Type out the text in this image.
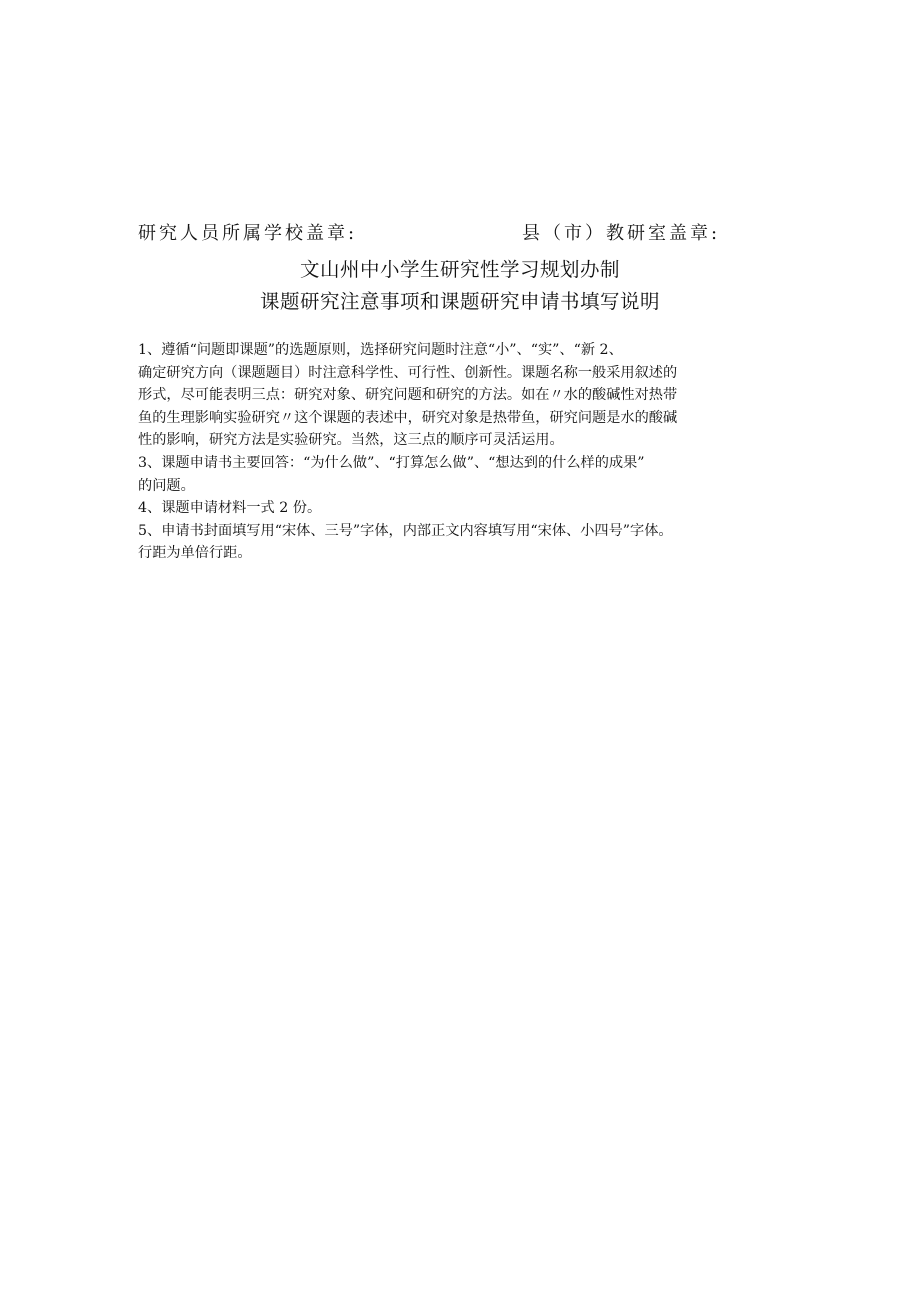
研究人员所属学校盖章:	县（市）教研室盖章:
文山州中小学生研究性学习规划办制
课题研究注意事项和课题研究申请书填写说明
1、遵循“问题即课题”的选题原则，选择研究问题时注意“小”、“实”、“新 2、
确定研究方向（课题题目）时注意科学性、可行性、创新性。课题名称一般采用叙述的
形式，尽可能表明三点：研究对象、研究问题和研究的方法。如在〃水的酸碱性对热带
鱼的生理影响实验研究〃这个课题的表述中，研究对象是热带鱼，研究问题是水的酸碱
性的影响，研究方法是实验研究。当然，这三点的顺序可灵活运用。
3、课题申请书主要回答：“为什么做”、“打算怎么做”、“想达到的什么样的成果”
的问题。
4、课题申请材料一式 2 份。
5、申请书封面填写用“宋体、三号”字体，内部正文内容填写用“宋体、小四号”字体。
行距为单倍行距。
